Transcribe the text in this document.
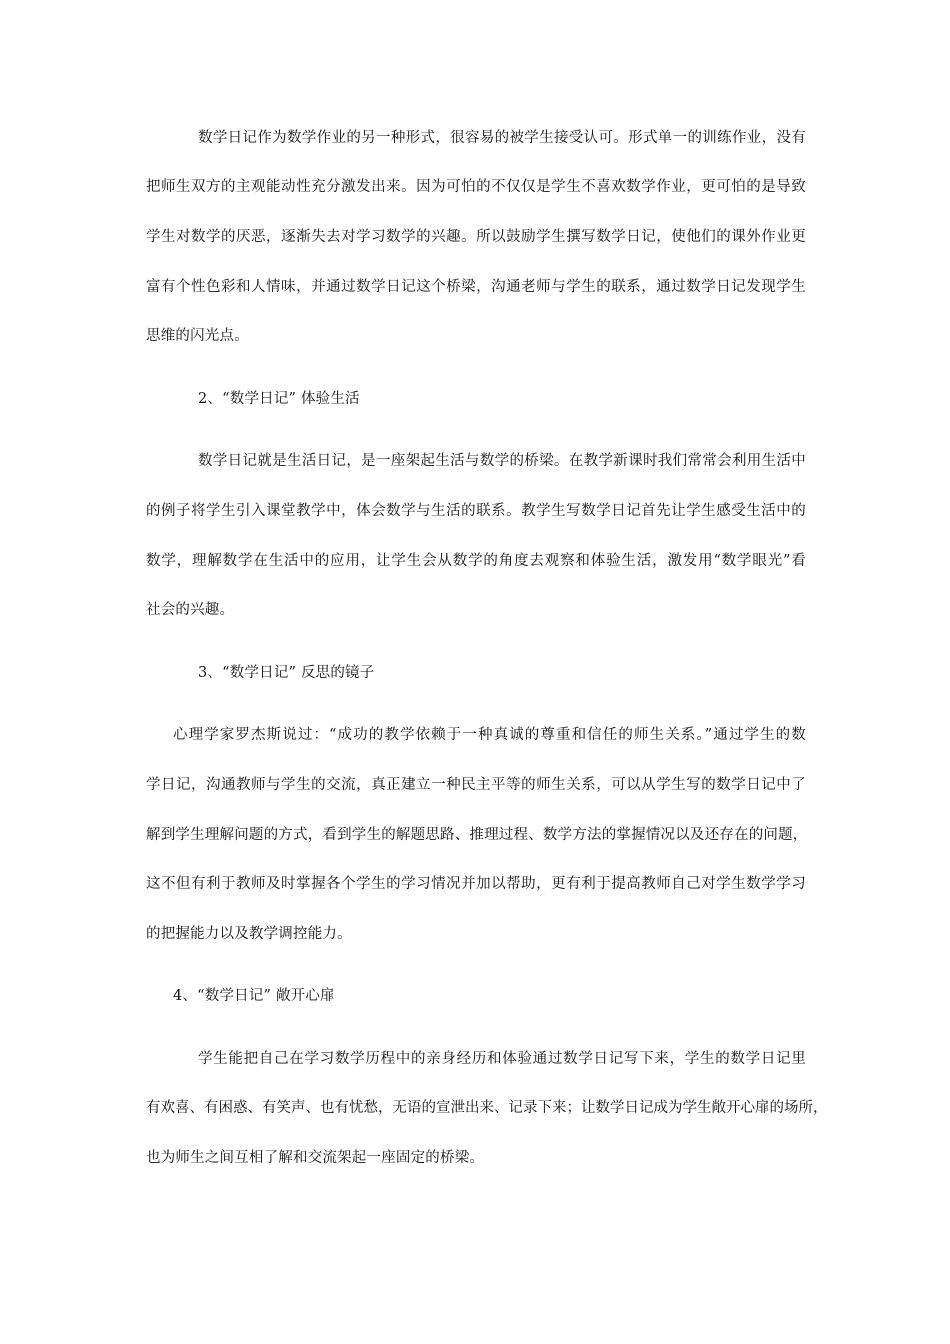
数学日记作为数学作业的另一种形式，很容易的被学生接受认可。形式单一的训练作业，没有
把师生双方的主观能动性充分激发出来。因为可怕的不仅仅是学生不喜欢数学作业，更可怕的是导致
学生对数学的厌恶，逐渐失去对学习数学的兴趣。所以鼓励学生撰写数学日记，使他们的课外作业更
富有个性色彩和人情味，并通过数学日记这个桥梁，沟通老师与学生的联系，通过数学日记发现学生
思维的闪光点。
2、“数学日记” 体验生活
数学日记就是生活日记，是一座架起生活与数学的桥梁。在教学新课时我们常常会利用生活中
的例子将学生引入课堂教学中，体会数学与生活的联系。教学生写数学日记首先让学生感受生活中的
数学，理解数学在生活中的应用，让学生会从数学的角度去观察和体验生活，激发用“数学眼光”看
社会的兴趣。
3、“数学日记” 反思的镜子
心理学家罗杰斯说过：“成功的教学依赖于一种真诚的尊重和信任的师生关系。”通过学生的数
学日记，沟通教师与学生的交流，真正建立一种民主平等的师生关系，可以从学生写的数学日记中了
解到学生理解问题的方式，看到学生的解题思路、推理过程、数学方法的掌握情况以及还存在的问题，
这不但有利于教师及时掌握各个学生的学习情况并加以帮助，更有利于提高教师自己对学生数学学习
的把握能力以及教学调控能力。
4、“数学日记” 敞开心扉
学生能把自己在学习数学历程中的亲身经历和体验通过数学日记写下来，学生的数学日记里
有欢喜、有困惑、有笑声、也有忧愁，无语的宣泄出来、记录下来；让数学日记成为学生敞开心扉的场所，
也为师生之间互相了解和交流架起一座固定的桥梁。
